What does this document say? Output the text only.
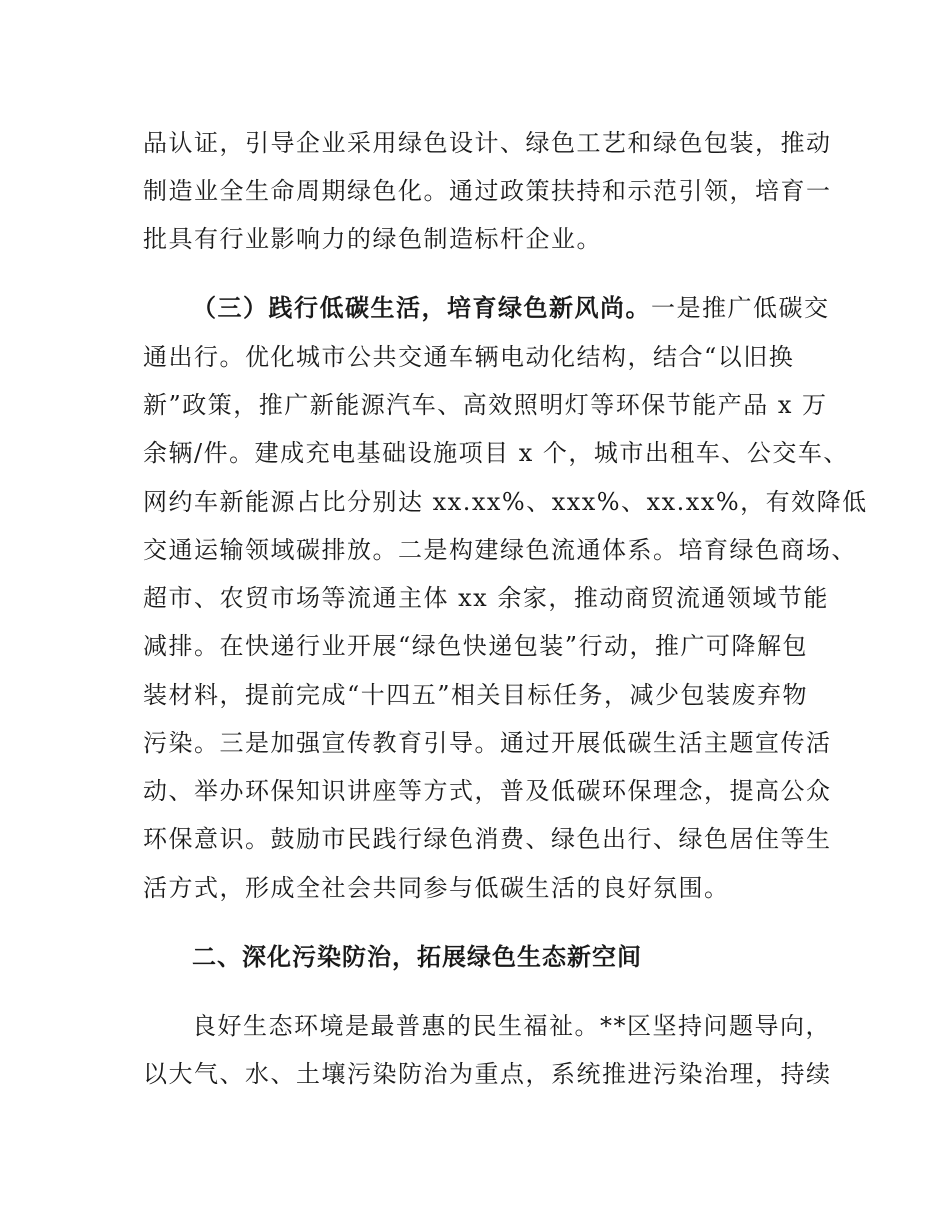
品认证，引导企业采用绿色设计、绿色工艺和绿色包装，推动
制造业全生命周期绿色化。通过政策扶持和示范引领，培育一
批具有行业影响力的绿色制造标杆企业。
（三）践行低碳生活，培育绿色新风尚。一是推广低碳交
通出行。优化城市公共交通车辆电动化结构，结合“以旧换
新”政策，推广新能源汽车、高效照明灯等环保节能产品 x 万
余辆/件。建成充电基础设施项目 x 个，城市出租车、公交车、
网约车新能源占比分别达 xx.xx%、xxx%、xx.xx%，有效降低
交通运输领域碳排放。二是构建绿色流通体系。培育绿色商场、
超市、农贸市场等流通主体 xx 余家，推动商贸流通领域节能
减排。在快递行业开展“绿色快递包装”行动，推广可降解包
装材料，提前完成“十四五”相关目标任务，减少包装废弃物
污染。三是加强宣传教育引导。通过开展低碳生活主题宣传活
动、举办环保知识讲座等方式，普及低碳环保理念，提高公众
环保意识。鼓励市民践行绿色消费、绿色出行、绿色居住等生
活方式，形成全社会共同参与低碳生活的良好氛围。
二、深化污染防治，拓展绿色生态新空间
良好生态环境是最普惠的民生福祉。**区坚持问题导向，
以大气、水、土壤污染防治为重点，系统推进污染治理，持续
